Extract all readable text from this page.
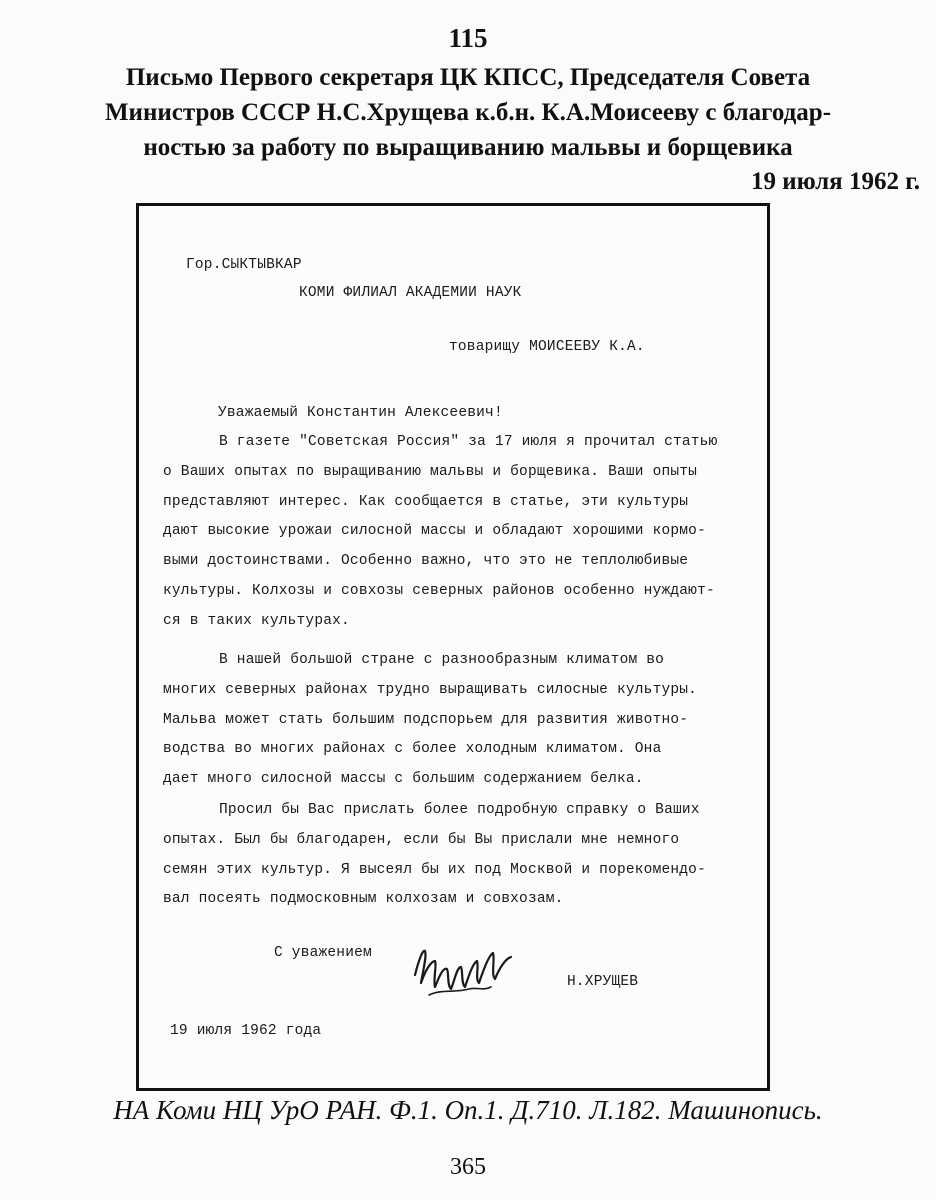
115
Письмо Первого секретаря ЦК КПСС, Председателя Совета
Министров СССР Н.С.Хрущева к.б.н. К.А.Моисееву с благодар-
ностью за работу по выращиванию мальвы и борщевика
19 июля 1962 г.
Гор.СЫКТЫВКАР
КОМИ ФИЛИАЛ АКАДЕМИИ НАУК
товарищу МОИСЕЕВУ К.А.
Уважаемый Константин Алексеевич!
В газете "Советская Россия" за 17 июля я прочитал статью
о Ваших опытах по выращиванию мальвы и борщевика. Ваши опыты
представляют интерес. Как сообщается в статье, эти культуры
дают высокие урожаи силосной массы и обладают хорошими кормо-
выми достоинствами. Особенно важно, что это не теплолюбивые
культуры. Колхозы и совхозы северных районов особенно нуждают-
ся в таких культурах.
В нашей большой стране с разнообразным климатом во
многих северных районах трудно выращивать силосные культуры.
Мальва может стать большим подспорьем для развития животно-
водства во многих районах с более холодным климатом. Она
дает много силосной массы с большим содержанием белка.
Просил бы Вас прислать более подробную справку о Ваших
опытах. Был бы благодарен, если бы Вы прислали мне немного
семян этих культур. Я высеял бы их под Москвой и порекомендо-
вал посеять подмосковным колхозам и совхозам.
С уважением
Н.ХРУЩЕВ
19 июля 1962 года
НА Коми НЦ УрО РАН. Ф.1. Оп.1. Д.710. Л.182. Машинопись.
365
